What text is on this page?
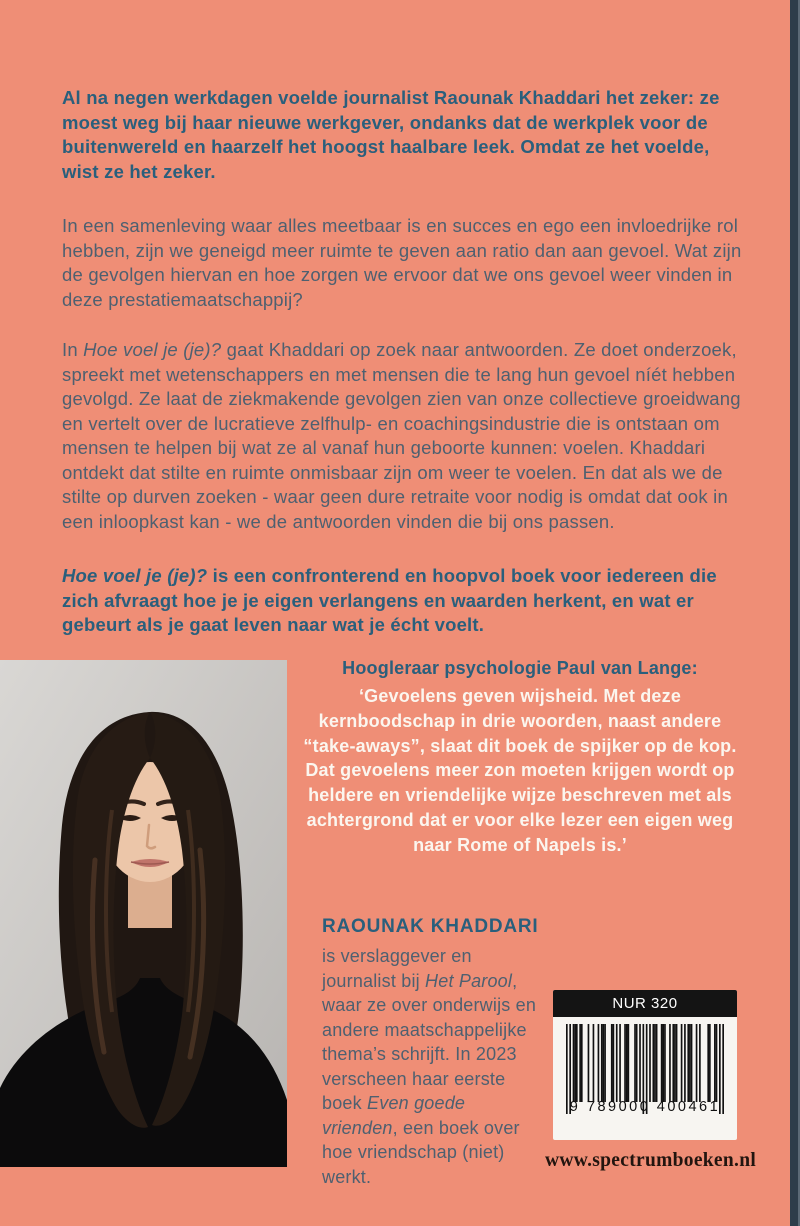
Al na negen werkdagen voelde journalist Raounak Khaddari het zeker: ze moest weg bij haar nieuwe werkgever, ondanks dat de werkplek voor de buitenwereld en haarzelf het hoogst haalbare leek. Omdat ze het voelde, wist ze het zeker.

In een samenleving waar alles meetbaar is en succes en ego een invloedrijke rol hebben, zijn we geneigd meer ruimte te geven aan ratio dan aan gevoel. Wat zijn de gevolgen hiervan en hoe zorgen we ervoor dat we ons gevoel weer vinden in deze prestatiemaatschappij?

In Hoe voel je (je)? gaat Khaddari op zoek naar antwoorden. Ze doet onderzoek, spreekt met wetenschappers en met mensen die te lang hun gevoel níét hebben gevolgd. Ze laat de ziekmakende gevolgen zien van onze collectieve groeidwang en vertelt over de lucratieve zelfhulp- en coachingsindustrie die is ontstaan om mensen te helpen bij wat ze al vanaf hun geboorte kunnen: voelen. Khaddari ontdekt dat stilte en ruimte onmisbaar zijn om weer te voelen. En dat als we de stilte op durven zoeken - waar geen dure retraite voor nodig is omdat dat ook in een inloopkast kan - we de antwoorden vinden die bij ons passen.

Hoe voel je (je)? is een confronterend en hoopvol boek voor iedereen die zich afvraagt hoe je je eigen verlangens en waarden herkent, en wat er gebeurt als je gaat leven naar wat je écht voelt.

Hoogleraar psychologie Paul van Lange:
‘Gevoelens geven wijsheid. Met deze kernboodschap in drie woorden, naast andere “take-aways”, slaat dit boek de spijker op de kop. Dat gevoelens meer zon moeten krijgen wordt op heldere en vriendelijke wijze beschreven met als achtergrond dat er voor elke lezer een eigen weg naar Rome of Napels is.’
RAOUNAK KHADDARI

is verslaggever en journalist bij Het Parool, waar ze over onderwijs en andere maatschappelijke thema’s schrijft. In 2023 verscheen haar eerste boek Even goede vrienden, een boek over hoe vriendschap (niet) werkt.

NUR 320
9 789000 400461
www.spectrumboeken.nl
